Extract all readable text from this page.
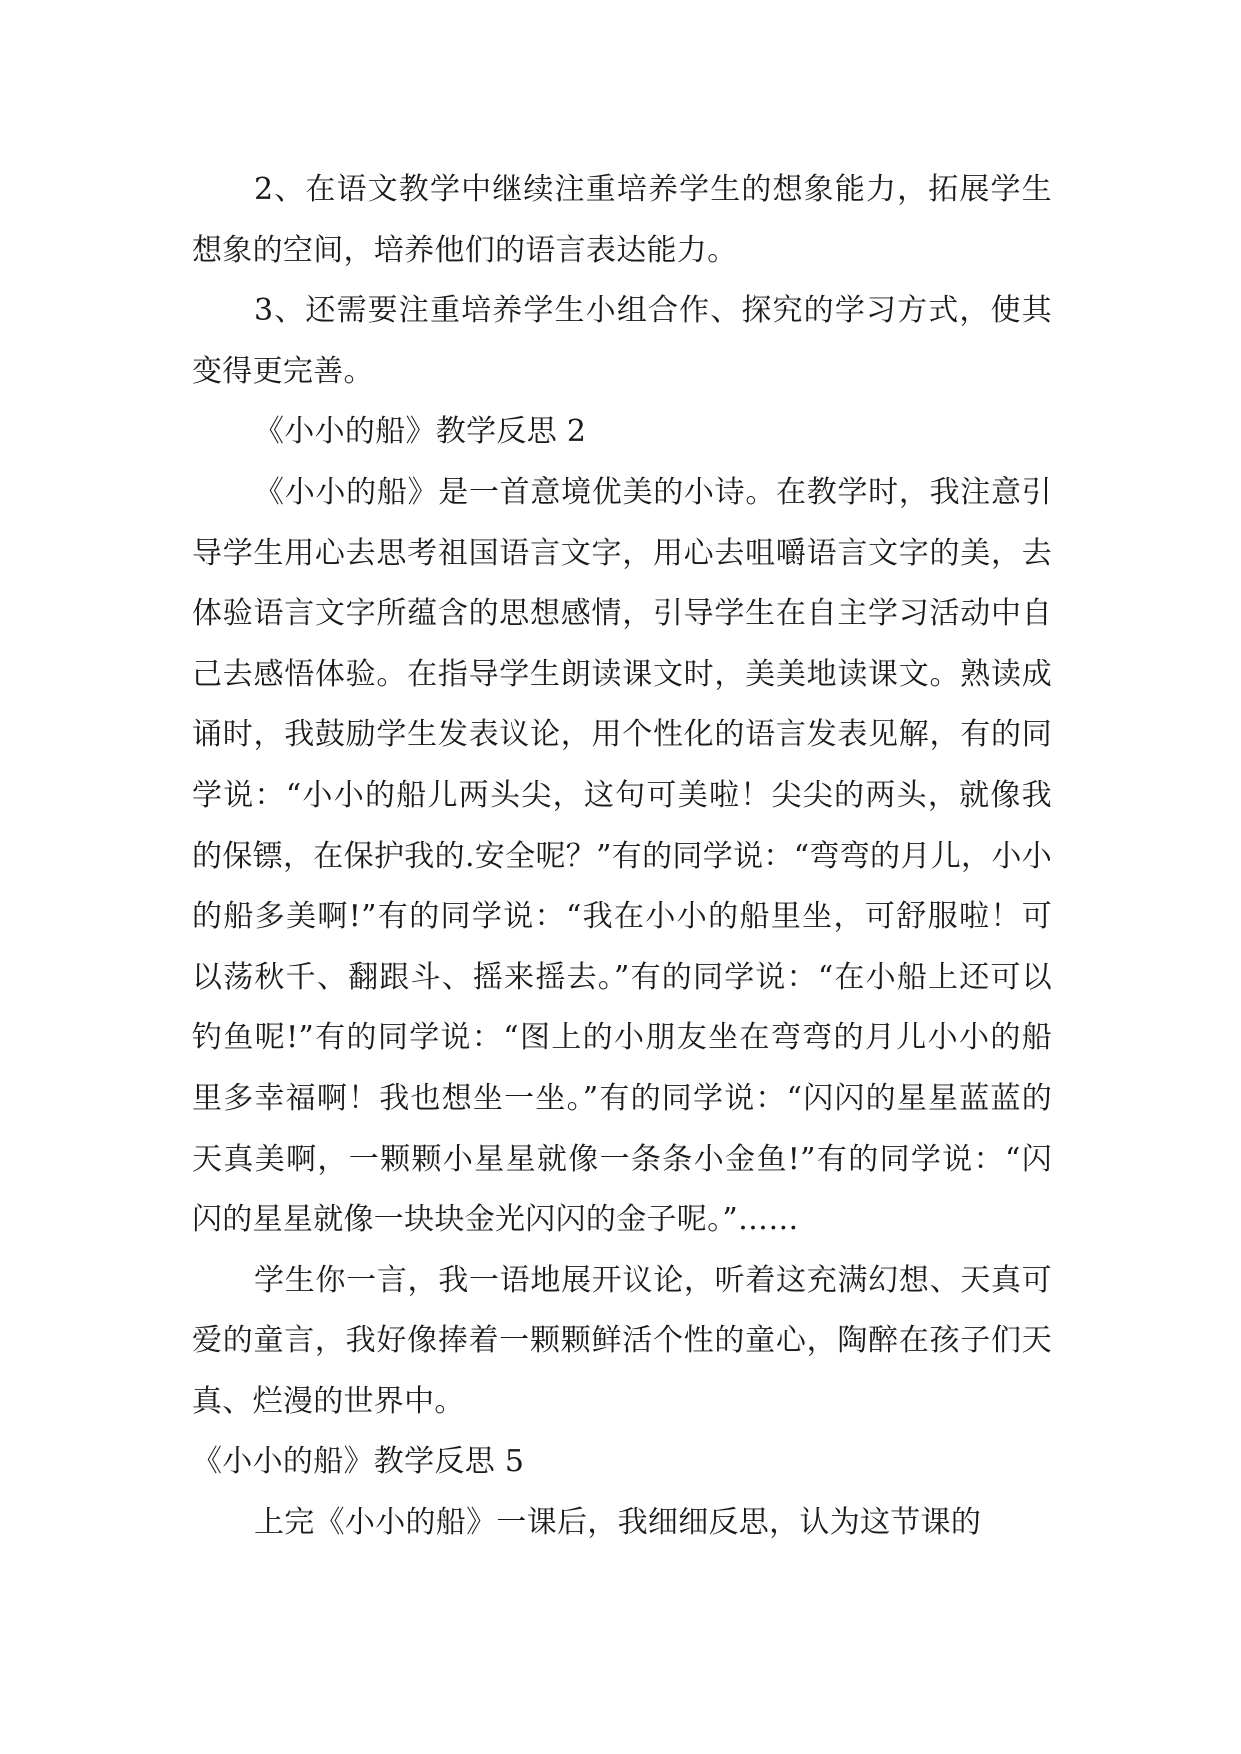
2、在语文教学中继续注重培养学生的想象能力，拓展学生想象的空间，培养他们的语言表达能力。

3、还需要注重培养学生小组合作、探究的学习方式，使其变得更完善。

《小小的船》教学反思 2

《小小的船》是一首意境优美的小诗。在教学时，我注意引导学生用心去思考祖国语言文字，用心去咀嚼语言文字的美，去体验语言文字所蕴含的思想感情，引导学生在自主学习活动中自己去感悟体验。在指导学生朗读课文时，美美地读课文。熟读成诵时，我鼓励学生发表议论，用个性化的语言发表见解，有的同学说：“小小的船儿两头尖，这句可美啦！尖尖的两头，就像我的保镖，在保护我的.安全呢？”有的同学说：“弯弯的月儿，小小的船多美啊!”有的同学说：“我在小小的船里坐，可舒服啦！可以荡秋千、翻跟斗、摇来摇去。”有的同学说：“在小船上还可以钓鱼呢!”有的同学说：“图上的小朋友坐在弯弯的月儿小小的船里多幸福啊！我也想坐一坐。”有的同学说：“闪闪的星星蓝蓝的天真美啊，一颗颗小星星就像一条条小金鱼!”有的同学说：“闪闪的星星就像一块块金光闪闪的金子呢。”……

学生你一言，我一语地展开议论，听着这充满幻想、天真可爱的童言，我好像捧着一颗颗鲜活个性的童心，陶醉在孩子们天真、烂漫的世界中。

《小小的船》教学反思 5

上完《小小的船》一课后，我细细反思，认为这节课的
